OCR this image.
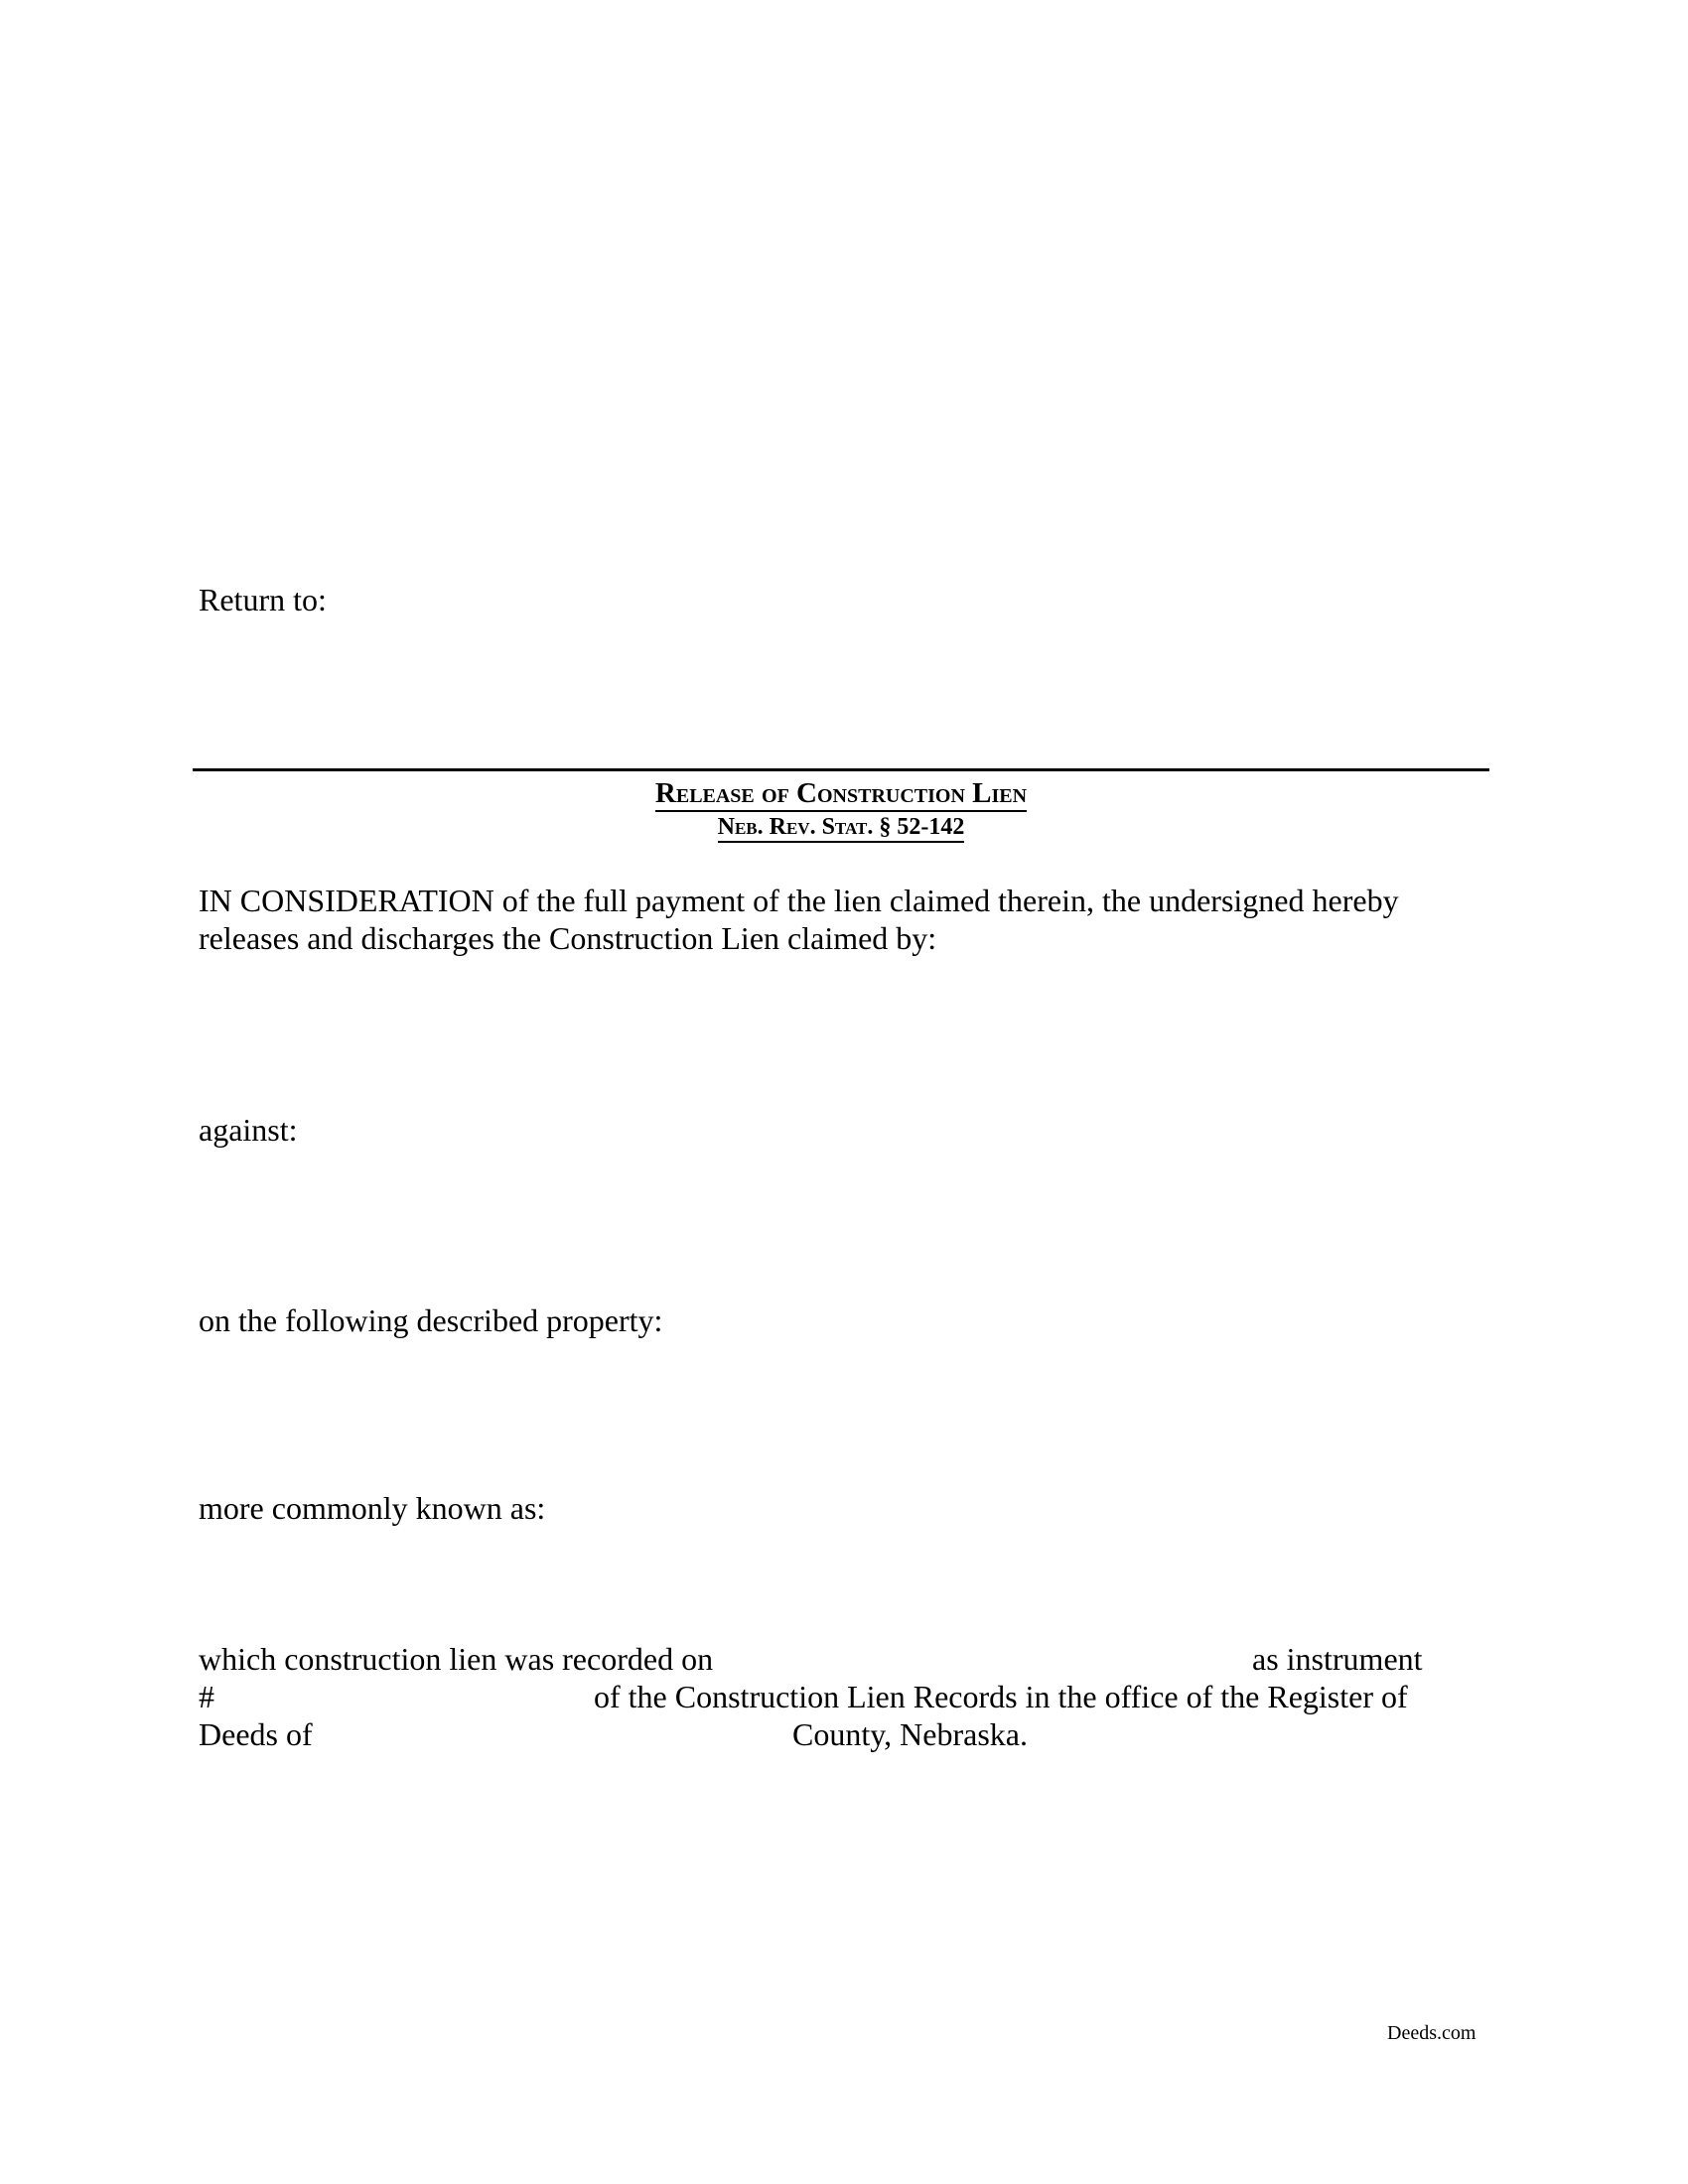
Return to:
Release of Construction Lien
Neb. Rev. Stat. § 52-142
IN CONSIDERATION of the full payment of the lien claimed therein, the undersigned hereby
releases and discharges the Construction Lien claimed by:
against:
on the following described property:
more commonly known as:
which construction lien was recorded on	as instrument
#	of the Construction Lien Records in the office of the Register of
Deeds of	County, Nebraska.
Deeds.com
